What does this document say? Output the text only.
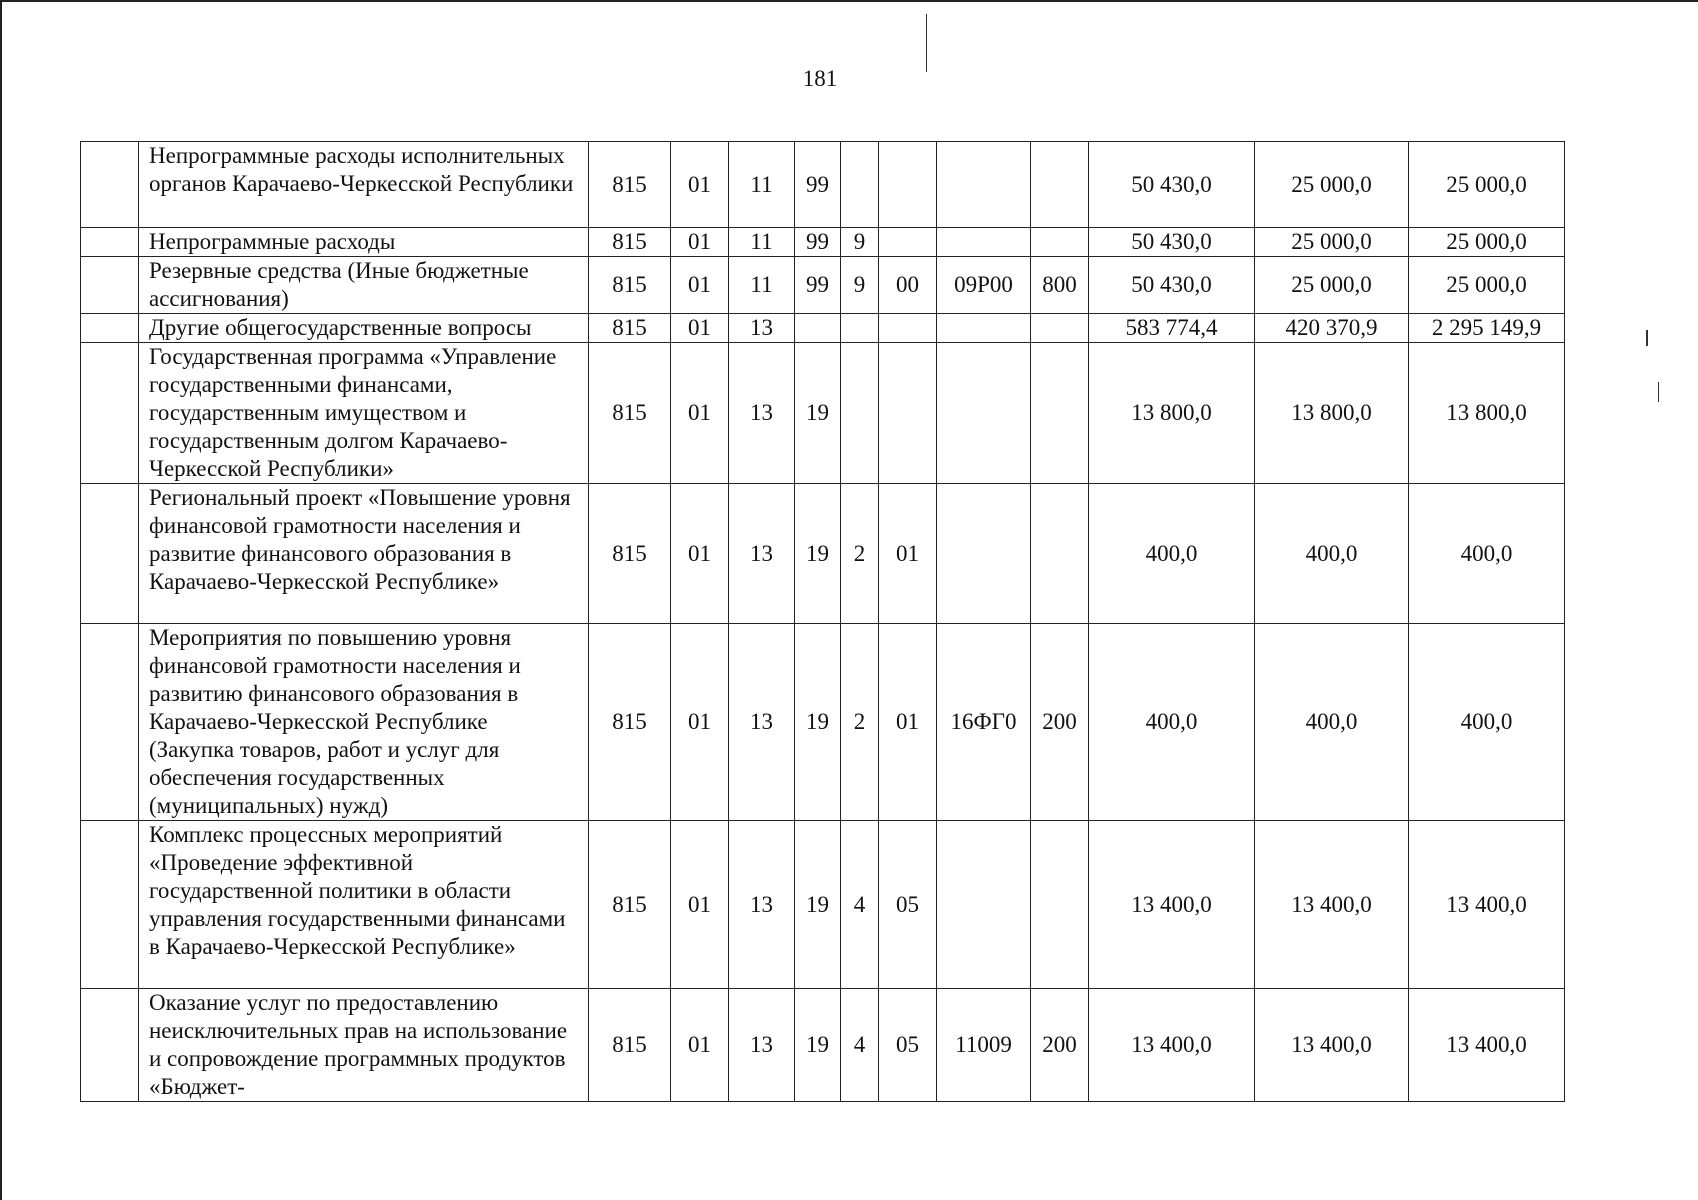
181
	Непрограммные расходы исполнительных органов Карачаево-Черкесской Республики	815	01	11	99					50 430,0	25 000,0	25 000,0
	Непрограммные расходы	815	01	11	99	9				50 430,0	25 000,0	25 000,0
	Резервные средства (Иные бюджетные ассигнования)	815	01	11	99	9	00	09Р00	800	50 430,0	25 000,0	25 000,0
	Другие общегосударственные вопросы	815	01	13						583 774,4	420 370,9	2 295 149,9
	Государственная программа «Управление государственными финансами, государственным имуществом и государственным долгом Карачаево-Черкесской Республики»	815	01	13	19					13 800,0	13 800,0	13 800,0
	Региональный проект «Повышение уровня финансовой грамотности населения и развитие финансового образования в Карачаево-Черкесской Республике»	815	01	13	19	2	01			400,0	400,0	400,0
	Мероприятия по повышению уровня финансовой грамотности населения и развитию финансового образования в Карачаево-Черкесской Республике (Закупка товаров, работ и услуг для обеспечения государственных (муниципальных) нужд)	815	01	13	19	2	01	16ФГ0	200	400,0	400,0	400,0
	Комплекс процессных мероприятий «Проведение эффективной государственной политики в области управления государственными финансами в Карачаево-Черкесской Республике»	815	01	13	19	4	05			13 400,0	13 400,0	13 400,0
	Оказание услуг по предоставлению неисключительных прав на использование и сопровождение программных продуктов «Бюджет-	815	01	13	19	4	05	11009	200	13 400,0	13 400,0	13 400,0
